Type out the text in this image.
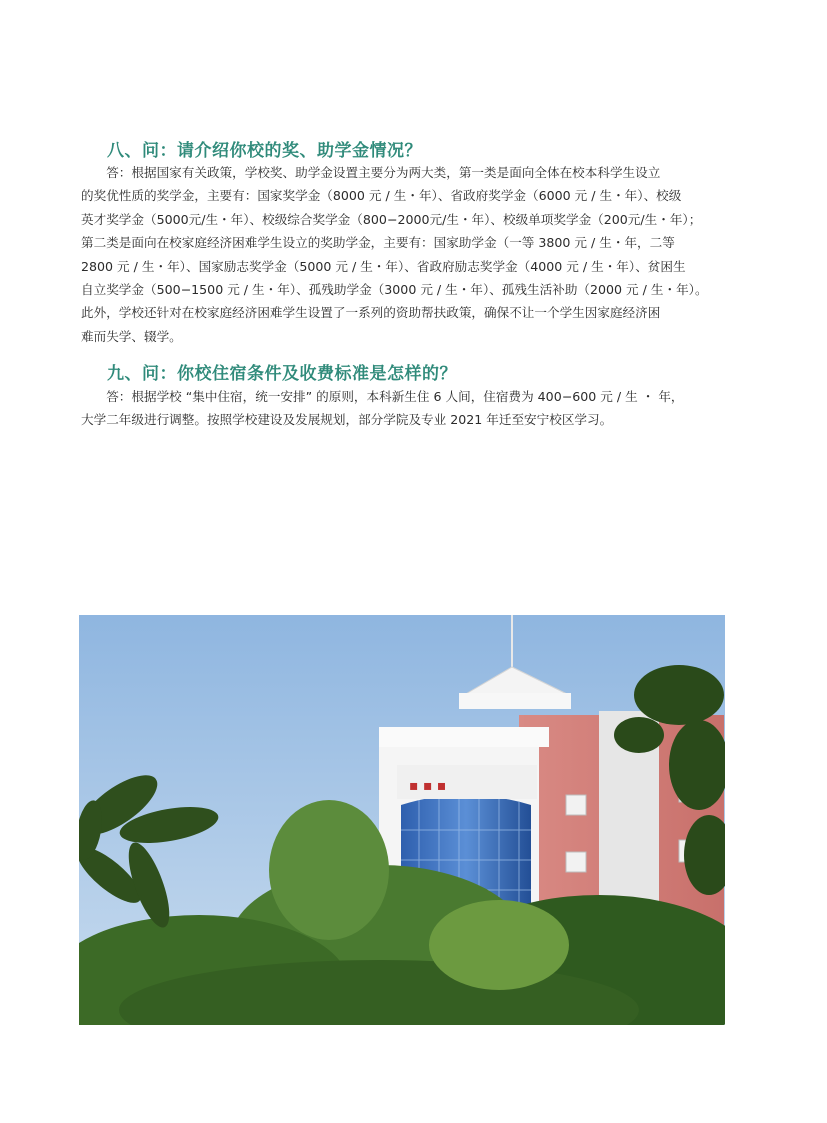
八、问：请介绍你校的奖、助学金情况？
　　答：根据国家有关政策，学校奖、助学金设置主要分为两大类，第一类是面向全体在校本科学生设立
的奖优性质的奖学金，主要有：国家奖学金（8000 元 / 生・年）、省政府奖学金（6000 元 / 生・年）、校级
英才奖学金（5000元/生・年）、校级综合奖学金（800−2000元/生・年）、校级单项奖学金（200元/生・年）；
第二类是面向在校家庭经济困难学生设立的奖助学金，主要有：国家助学金（一等 3800 元 / 生・年，二等
2800 元 / 生・年）、国家励志奖学金（5000 元 / 生・年）、省政府励志奖学金（4000 元 / 生・年）、贫困生
自立奖学金（500−1500 元 / 生・年）、孤残助学金（3000 元 / 生・年）、孤残生活补助（2000 元 / 生・年）。
此外，学校还针对在校家庭经济困难学生设置了一系列的资助帮扶政策，确保不让一个学生因家庭经济困
难而失学、辍学。
九、问：你校住宿条件及收费标准是怎样的？
　　答：根据学校 “集中住宿，统一安排” 的原则，本科新生住 6 人间，住宿费为 400−600 元 / 生 ・ 年，
大学二年级进行调整。按照学校建设及发展规划，部分学院及专业 2021 年迁至安宁校区学习。
▪ ▪ ▪
